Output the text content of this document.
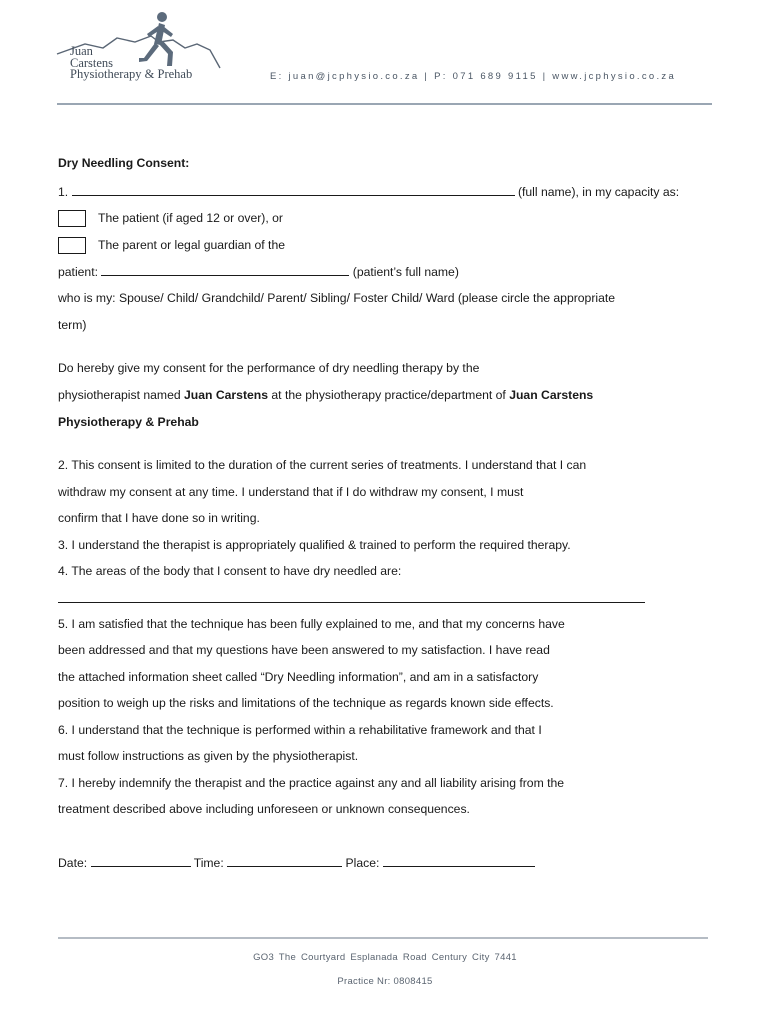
Juan
Carstens
Physiotherapy & Prehab	E: juan@jcphysio.co.za | P: 071 689 9115 | www.jcphysio.co.za
Dry Needling Consent:
1.	(full name), in my capacity as:
The patient (if aged 12 or over), or
The parent or legal guardian of the
patient:	(patient’s full name)
who is my: Spouse/ Child/ Grandchild/ Parent/ Sibling/ Foster Child/ Ward (please circle the appropriate
term)
Do hereby give my consent for the performance of dry needling therapy by the
physiotherapist named Juan Carstens at the physiotherapy practice/department of Juan Carstens
Physiotherapy & Prehab
2. This consent is limited to the duration of the current series of treatments. I understand that I can
withdraw my consent at any time. I understand that if I do withdraw my consent, I must
confirm that I have done so in writing.
3. I understand the therapist is appropriately qualified & trained to perform the required therapy.
4. The areas of the body that I consent to have dry needled are:
5. I am satisfied that the technique has been fully explained to me, and that my concerns have
been addressed and that my questions have been answered to my satisfaction. I have read
the attached information sheet called “Dry Needling information”, and am in a satisfactory
position to weigh up the risks and limitations of the technique as regards known side effects.
6. I understand that the technique is performed within a rehabilitative framework and that I
must follow instructions as given by the physiotherapist.
7. I hereby indemnify the therapist and the practice against any and all liability arising from the
treatment described above including unforeseen or unknown consequences.
Date:	Time:	Place:
GO3 The Courtyard Esplanada Road Century City 7441
Practice Nr: 0808415
